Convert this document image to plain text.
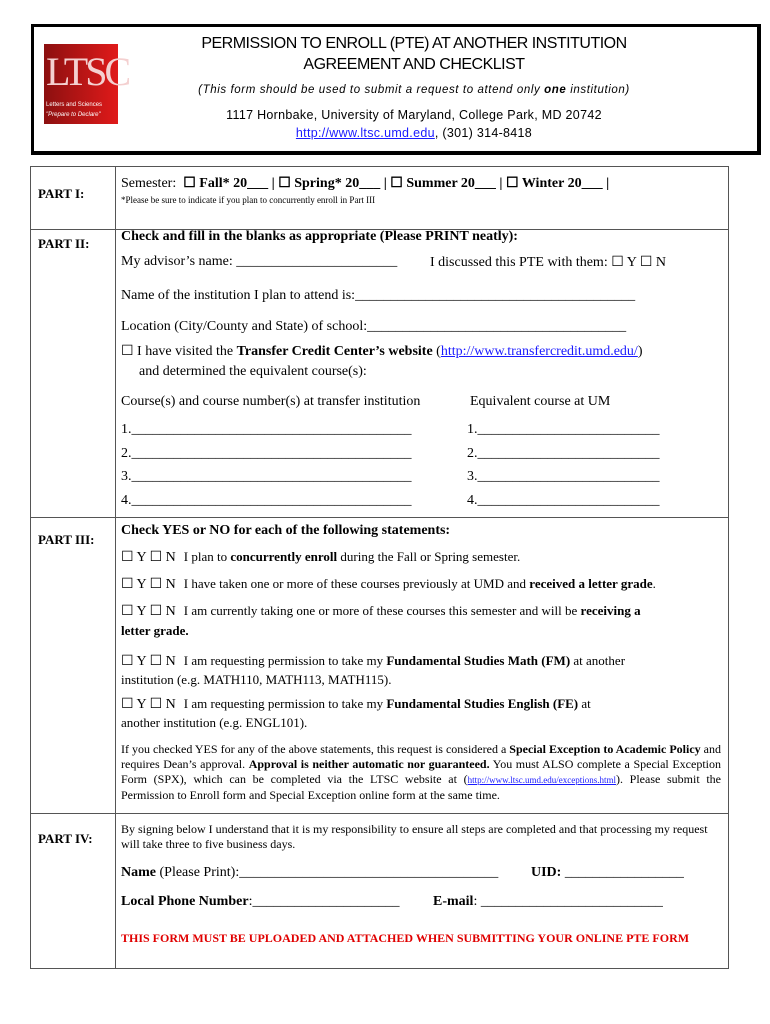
LTSC
Letters and Sciences
"Prepare to Declare"
PERMISSION TO ENROLL (PTE) AT ANOTHER INSTITUTION
AGREEMENT AND CHECKLIST
(This form should be used to submit a request to attend only one institution)
1117 Hornbake, University of Maryland, College Park, MD 20742
http://www.ltsc.umd.edu, (301) 314-8418
PART I:
Semester: ☐ Fall* 20___ | ☐ Spring* 20___ | ☐ Summer 20___ | ☐ Winter 20___ |
*Please be sure to indicate if you plan to concurrently enroll in Part III
PART II: Check and fill in the blanks as appropriate (Please PRINT neatly):
My advisor’s name: _______________________ I discussed this PTE with them: ☐ Y ☐ N
Name of the institution I plan to attend is:________________________________________
Location (City/County and State) of school:_____________________________________
☐ I have visited the Transfer Credit Center’s website (http://www.transfercredit.umd.edu/)
and determined the equivalent course(s):
Course(s) and course number(s) at transfer institution	Equivalent course at UM
1.________________________________________
2.________________________________________
3.________________________________________
4.________________________________________
1.__________________________
2.__________________________
3.__________________________
4.__________________________
PART III:
Check YES or NO for each of the following statements:
☐ Y ☐ N I plan to concurrently enroll during the Fall or Spring semester.
☐ Y ☐ N I have taken one or more of these courses previously at UMD and received a letter grade.
☐ Y ☐ N I am currently taking one or more of these courses this semester and will be receiving a
letter grade.
☐ Y ☐ N I am requesting permission to take my Fundamental Studies Math (FM) at another
institution (e.g. MATH110, MATH113, MATH115).
☐ Y ☐ N I am requesting permission to take my Fundamental Studies English (FE) at
another institution (e.g. ENGL101).
If you checked YES for any of the above statements, this request is considered a Special Exception to Academic Policy and requires Dean’s approval. Approval is neither automatic nor guaranteed. You must ALSO complete a Special Exception Form (SPX), which can be completed via the LTSC website at (http://www.ltsc.umd.edu/exceptions.html). Please submit the Permission to Enroll form and Special Exception online form at the same time.
PART IV:
By signing below I understand that it is my responsibility to ensure all steps are completed and that processing my request will take three to five business days.
Name (Please Print):_____________________________________ UID: _________________
Local Phone Number:_____________________ E-mail: __________________________
THIS FORM MUST BE UPLOADED AND ATTACHED WHEN SUBMITTING YOUR ONLINE PTE FORM
